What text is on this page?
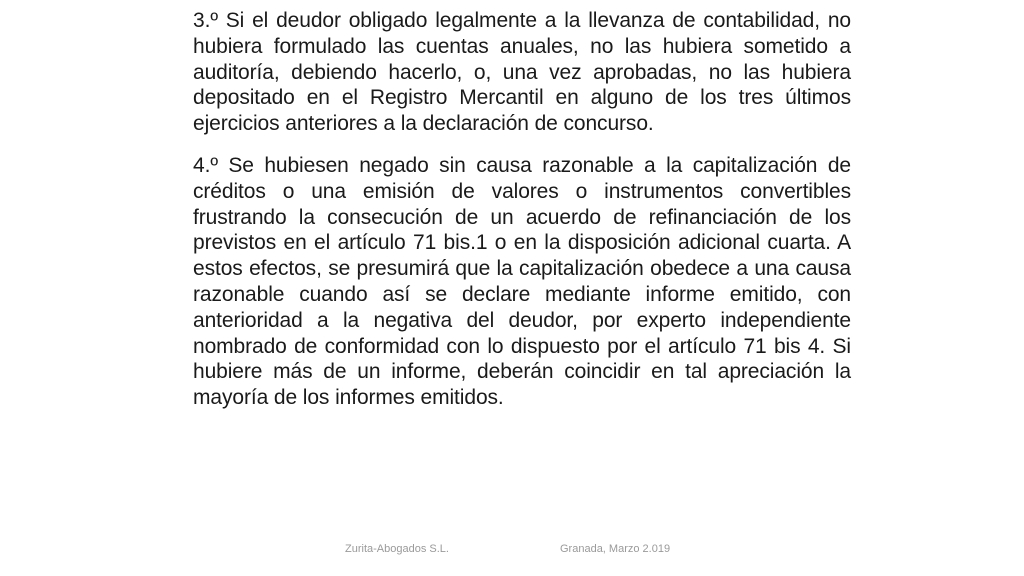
3.º Si el deudor obligado legalmente a la llevanza de contabilidad, no hubiera formulado las cuentas anuales, no las hubiera sometido a auditoría, debiendo hacerlo, o, una vez aprobadas, no las hubiera depositado en el Registro Mercantil en alguno de los tres últimos ejercicios anteriores a la declaración de concurso.

4.º Se hubiesen negado sin causa razonable a la capitalización de créditos o una emisión de valores o instrumentos convertibles frustrando la consecución de un acuerdo de refinanciación de los previstos en el artículo 71 bis.1 o en la disposición adicional cuarta. A estos efectos, se presumirá que la capitalización obedece a una causa razonable cuando así se declare mediante informe emitido, con anterioridad a la negativa del deudor, por experto independiente nombrado de conformidad con lo dispuesto por el artículo 71 bis 4. Si hubiere más de un informe, deberán coincidir en tal apreciación la mayoría de los informes emitidos.

Zurita-Abogados S.L.	Granada, Marzo 2.019
